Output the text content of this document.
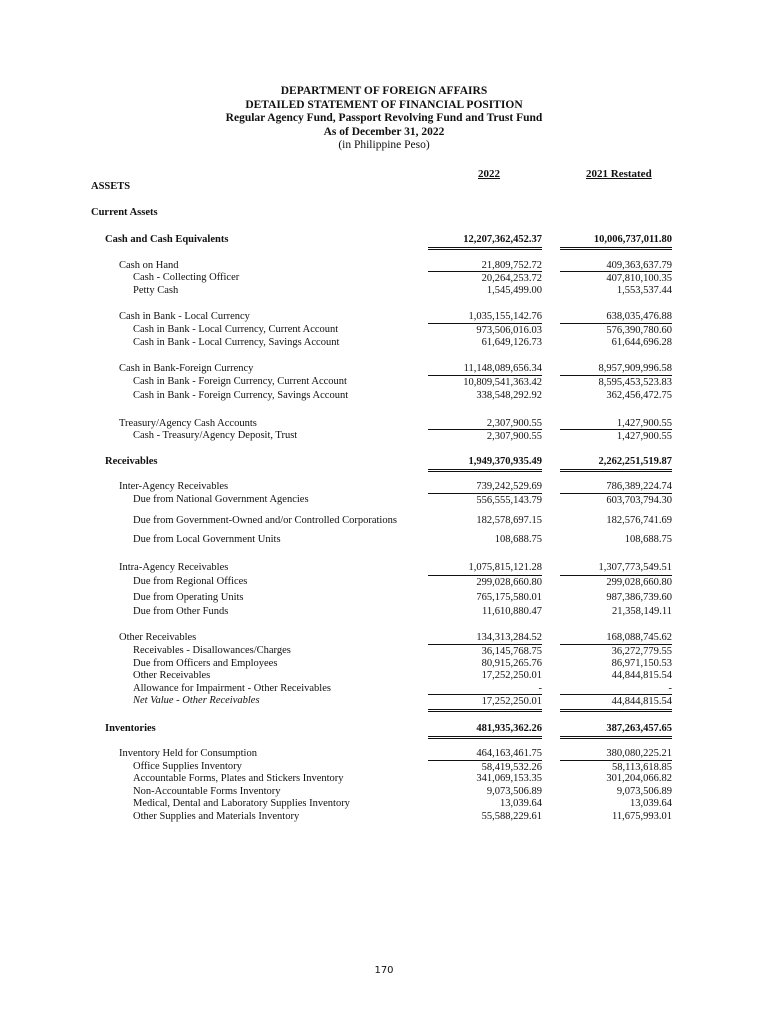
DEPARTMENT OF FOREIGN AFFAIRS
DETAILED STATEMENT OF FINANCIAL POSITION
Regular Agency Fund, Passport Revolving Fund and Trust Fund
As of December 31, 2022
(in Philippine Peso)
2022	2021 Restated
ASSETS
Current Assets
Cash and Cash Equivalents	12,207,362,452.37	10,006,737,011.80
Cash on Hand	21,809,752.72	409,363,637.79
Cash - Collecting Officer	20,264,253.72	407,810,100.35
Petty Cash	1,545,499.00	1,553,537.44
Cash in Bank - Local Currency	1,035,155,142.76	638,035,476.88
Cash in Bank - Local Currency, Current Account	973,506,016.03	576,390,780.60
Cash in Bank - Local Currency, Savings Account	61,649,126.73	61,644,696.28
Cash in Bank-Foreign Currency	11,148,089,656.34	8,957,909,996.58
Cash in Bank - Foreign Currency, Current Account	10,809,541,363.42	8,595,453,523.83
Cash in Bank - Foreign Currency, Savings Account	338,548,292.92	362,456,472.75
Treasury/Agency Cash Accounts	2,307,900.55	1,427,900.55
Cash - Treasury/Agency Deposit, Trust	2,307,900.55	1,427,900.55
Receivables	1,949,370,935.49	2,262,251,519.87
Inter-Agency Receivables	739,242,529.69	786,389,224.74
Due from National Government Agencies	556,555,143.79	603,703,794.30
Due from Government-Owned and/or Controlled Corporations	182,578,697.15	182,576,741.69
Due from Local Government Units	108,688.75	108,688.75
Intra-Agency Receivables	1,075,815,121.28	1,307,773,549.51
Due from Regional Offices	299,028,660.80	299,028,660.80
Due from Operating Units	765,175,580.01	987,386,739.60
Due from Other Funds	11,610,880.47	21,358,149.11
Other Receivables	134,313,284.52	168,088,745.62
Receivables - Disallowances/Charges	36,145,768.75	36,272,779.55
Due from Officers and Employees	80,915,265.76	86,971,150.53
Other Receivables	17,252,250.01	44,844,815.54
Allowance for Impairment - Other Receivables	-	-
Net Value - Other Receivables	17,252,250.01	44,844,815.54
Inventories	481,935,362.26	387,263,457.65
Inventory Held for Consumption	464,163,461.75	380,080,225.21
Office Supplies Inventory	58,419,532.26	58,113,618.85
Accountable Forms, Plates and Stickers Inventory	341,069,153.35	301,204,066.82
Non-Accountable Forms Inventory	9,073,506.89	9,073,506.89
Medical, Dental and Laboratory Supplies Inventory	13,039.64	13,039.64
Other Supplies and Materials Inventory	55,588,229.61	11,675,993.01
170
